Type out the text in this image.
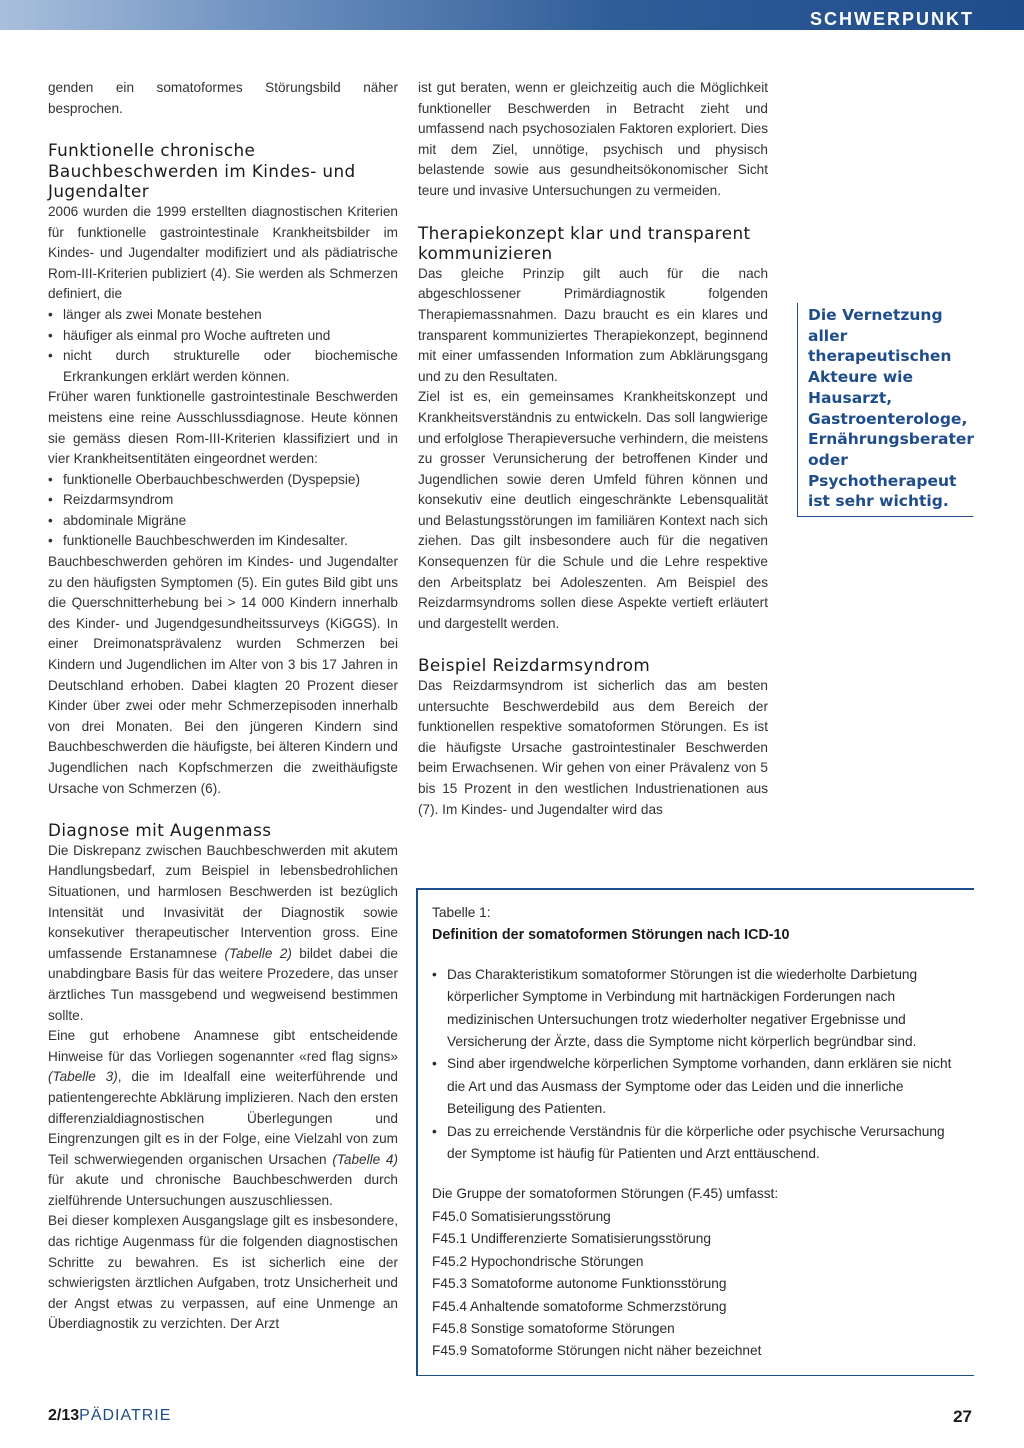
SCHWERPUNKT

genden ein somatoformes Störungsbild näher besprochen.

Funktionelle chronische Bauchbeschwerden im Kindes- und Jugendalter

2006 wurden die 1999 erstellten diagnostischen Kriterien für funktionelle gastrointestinale Krankheitsbilder im Kindes- und Jugendalter modifiziert und als pädiatrische Rom-III-Kriterien publiziert (4). Sie werden als Schmerzen definiert, die

• länger als zwei Monate bestehen
• häufiger als einmal pro Woche auftreten und
• nicht durch strukturelle oder biochemische Erkrankungen erklärt werden können.

Früher waren funktionelle gastrointestinale Beschwerden meistens eine reine Ausschlussdiagnose. Heute können sie gemäss diesen Rom-III-Kriterien klassifiziert und in vier Krankheitsentitäten eingeordnet werden:

• funktionelle Oberbauchbeschwerden (Dyspepsie)
• Reizdarmsyndrom
• abdominale Migräne
• funktionelle Bauchbeschwerden im Kindesalter.

Bauchbeschwerden gehören im Kindes- und Jugendalter zu den häufigsten Symptomen (5). Ein gutes Bild gibt uns die Querschnitterhebung bei > 14 000 Kindern innerhalb des Kinder- und Jugendgesundheitssurveys (KiGGS). In einer Dreimonatsprävalenz wurden Schmerzen bei Kindern und Jugendlichen im Alter von 3 bis 17 Jahren in Deutschland erhoben. Dabei klagten 20 Prozent dieser Kinder über zwei oder mehr Schmerzepisoden innerhalb von drei Monaten. Bei den jüngeren Kindern sind Bauchbeschwerden die häufigste, bei älteren Kindern und Jugendlichen nach Kopfschmerzen die zweithäufigste Ursache von Schmerzen (6).

Diagnose mit Augenmass

Die Diskrepanz zwischen Bauchbeschwerden mit akutem Handlungsbedarf, zum Beispiel in lebensbedrohlichen Situationen, und harmlosen Beschwerden ist bezüglich Intensität und Invasivität der Diagnostik sowie konsekutiver therapeutischer Intervention gross. Eine umfassende Erstanamnese (Tabelle 2) bildet dabei die unabdingbare Basis für das weitere Prozedere, das unser ärztliches Tun massgebend und wegweisend bestimmen sollte.

Eine gut erhobene Anamnese gibt entscheidende Hinweise für das Vorliegen sogenannter «red flag signs» (Tabelle 3), die im Idealfall eine weiterführende und patientengerechte Abklärung implizieren. Nach den ersten differenzialdiagnostischen Überlegungen und Eingrenzungen gilt es in der Folge, eine Vielzahl von zum Teil schwerwiegenden organischen Ursachen (Tabelle 4) für akute und chronische Bauchbeschwerden durch zielführende Untersuchungen auszuschliessen.

Bei dieser komplexen Ausgangslage gilt es insbesondere, das richtige Augenmass für die folgenden diagnostischen Schritte zu bewahren. Es ist sicherlich eine der schwierigsten ärztlichen Aufgaben, trotz Unsicherheit und der Angst etwas zu verpassen, auf eine Unmenge an Überdiagnostik zu verzichten. Der Arzt

ist gut beraten, wenn er gleichzeitig auch die Möglichkeit funktioneller Beschwerden in Betracht zieht und umfassend nach psychosozialen Faktoren exploriert. Dies mit dem Ziel, unnötige, psychisch und physisch belastende sowie aus gesundheitsökonomischer Sicht teure und invasive Untersuchungen zu vermeiden.

Therapiekonzept klar und transparent kommunizieren

Das gleiche Prinzip gilt auch für die nach abgeschlossener Primärdiagnostik folgenden Therapiemassnahmen. Dazu braucht es ein klares und transparent kommuniziertes Therapiekonzept, beginnend mit einer umfassenden Information zum Abklärungsgang und zu den Resultaten.

Ziel ist es, ein gemeinsames Krankheitskonzept und Krankheitsverständnis zu entwickeln. Das soll langwierige und erfolglose Therapieversuche verhindern, die meistens zu grosser Verunsicherung der betroffenen Kinder und Jugendlichen sowie deren Umfeld führen können und konsekutiv eine deutlich eingeschränkte Lebensqualität und Belastungsstörungen im familiären Kontext nach sich ziehen. Das gilt insbesondere auch für die negativen Konsequenzen für die Schule und die Lehre respektive den Arbeitsplatz bei Adoleszenten. Am Beispiel des Reizdarmsyndroms sollen diese Aspekte vertieft erläutert und dargestellt werden.

Beispiel Reizdarmsyndrom

Das Reizdarmsyndrom ist sicherlich das am besten untersuchte Beschwerdebild aus dem Bereich der funktionellen respektive somatoformen Störungen. Es ist die häufigste Ursache gastrointestinaler Beschwerden beim Erwachsenen. Wir gehen von einer Prävalenz von 5 bis 15 Prozent in den westlichen Industrienationen aus (7). Im Kindes- und Jugendalter wird das

Die Vernetzung aller therapeutischen Akteure wie Hausarzt, Gastroenterologe, Ernährungsberater oder Psychotherapeut ist sehr wichtig.
Tabelle 1:
Definition der somatoformen Störungen nach ICD-10
• Das Charakteristikum somatoformer Störungen ist die wiederholte Darbietung körperlicher Symptome in Verbindung mit hartnäckigen Forderungen nach medizinischen Untersuchungen trotz wiederholter negativer Ergebnisse und Versicherung der Ärzte, dass die Symptome nicht körperlich begründbar sind.
• Sind aber irgendwelche körperlichen Symptome vorhanden, dann erklären sie nicht die Art und das Ausmass der Symptome oder das Leiden und die innerliche Beteiligung des Patienten.
• Das zu erreichende Verständnis für die körperliche oder psychische Verursachung der Symptome ist häufig für Patienten und Arzt enttäuschend.
Die Gruppe der somatoformen Störungen (F.45) umfasst:
F45.0 Somatisierungsstörung
F45.1 Undifferenzierte Somatisierungsstörung
F45.2 Hypochondrische Störungen
F45.3 Somatoforme autonome Funktionsstörung
F45.4 Anhaltende somatoforme Schmerzstörung
F45.8 Sonstige somatoforme Störungen
F45.9 Somatoforme Störungen nicht näher bezeichnet
2/13PÄDIATRIE	27
